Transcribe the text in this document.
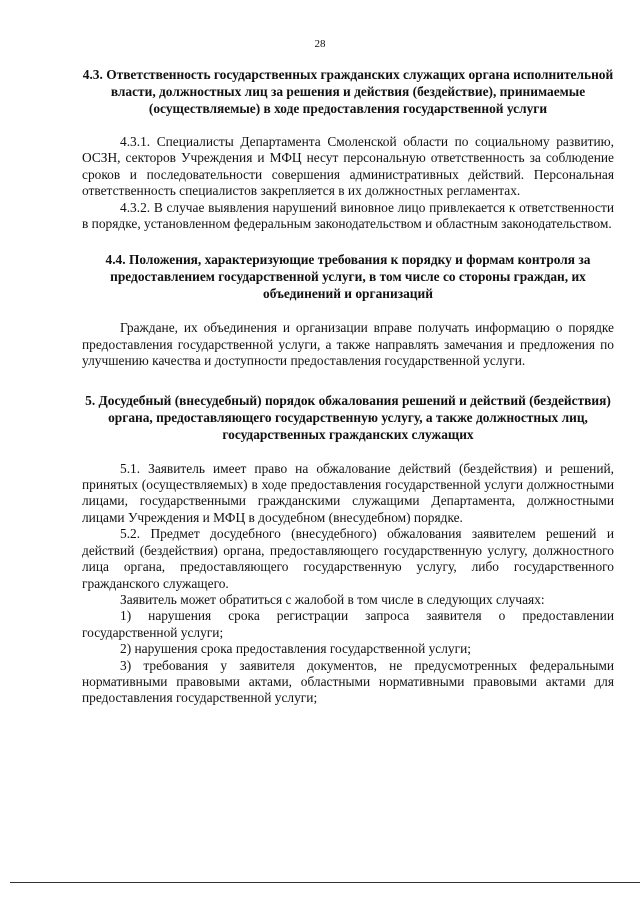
28

4.3. Ответственность государственных гражданских служащих органа исполнительной власти, должностных лиц за решения и действия (бездействие), принимаемые (осуществляемые) в ходе предоставления государственной услуги

4.3.1. Специалисты Департамента Смоленской области по социальному развитию, ОСЗН, секторов Учреждения и МФЦ несут персональную ответственность за соблюдение сроков и последовательности совершения административных действий. Персональная ответственность специалистов закрепляется в их должностных регламентах.

4.3.2. В случае выявления нарушений виновное лицо привлекается к ответственности в порядке, установленном федеральным законодательством и областным законодательством.

4.4. Положения, характеризующие требования к порядку и формам контроля за предоставлением государственной услуги, в том числе со стороны граждан, их объединений и организаций

Граждане, их объединения и организации вправе получать информацию о порядке предоставления государственной услуги, а также направлять замечания и предложения по улучшению качества и доступности предоставления государственной услуги.

5. Досудебный (внесудебный) порядок обжалования решений и действий (бездействия) органа, предоставляющего государственную услугу, а также должностных лиц, государственных гражданских служащих

5.1. Заявитель имеет право на обжалование действий (бездействия) и решений, принятых (осуществляемых) в ходе предоставления государственной услуги должностными лицами, государственными гражданскими служащими Департамента, должностными лицами Учреждения и МФЦ в досудебном (внесудебном) порядке.

5.2. Предмет досудебного (внесудебного) обжалования заявителем решений и действий (бездействия) органа, предоставляющего государственную услугу, должностного лица органа, предоставляющего государственную услугу, либо государственного гражданского служащего.

Заявитель может обратиться с жалобой в том числе в следующих случаях:

1) нарушения срока регистрации запроса заявителя о предоставлении государственной услуги;

2) нарушения срока предоставления государственной услуги;

3) требования у заявителя документов, не предусмотренных федеральными нормативными правовыми актами, областными нормативными правовыми актами для предоставления государственной услуги;
